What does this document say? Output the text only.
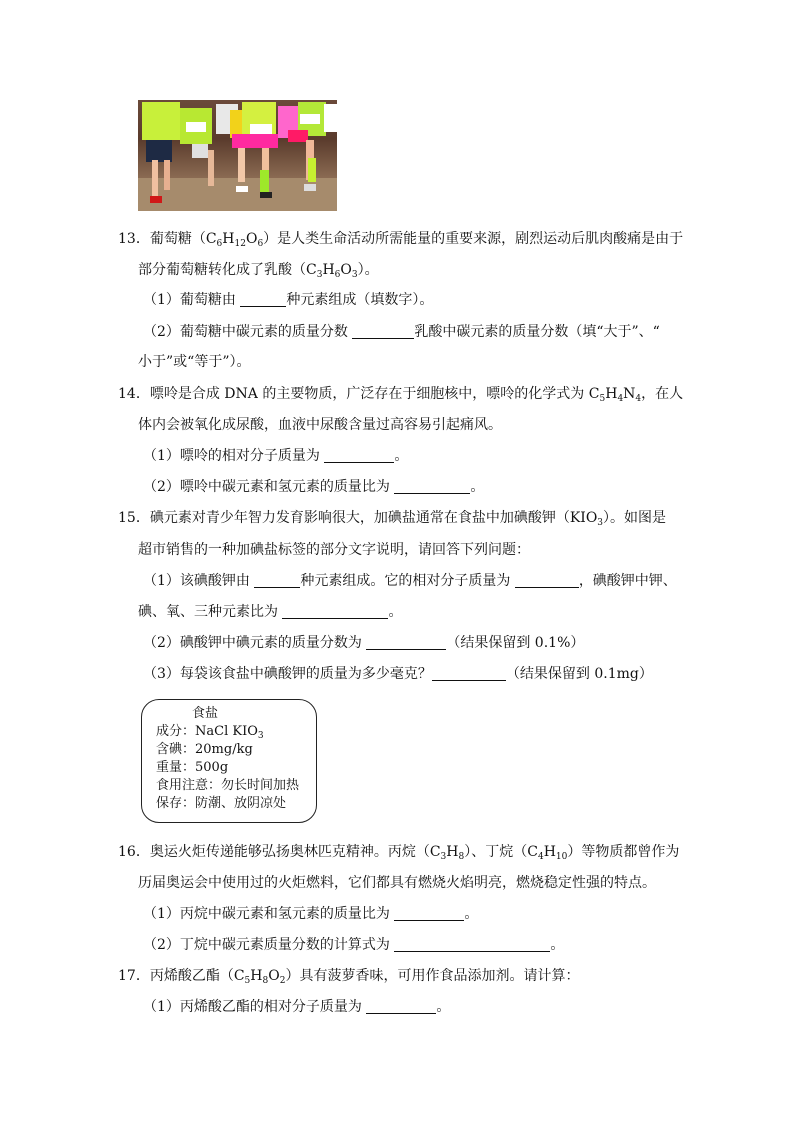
13．葡萄糖$(C_6H_{12}O_6)$是人类生命活动所需能量的重要来源，剧烈运动后肌肉酸痛是由于
部分葡萄糖转化成了乳酸$(C_3H_6O_3)$。
（1）葡萄糖由	种元素组成（填数字）。
（2）葡萄糖中碳元素的质量分数	乳酸中碳元素的质量分数（填“大于”、“
小于”或“等于”）。
14．嘌呤是合成 DNA 的主要物质，广泛存在于细胞核中，嘌呤的化学式为 $C_5H_4N_4$，在人
体内会被氧化成尿酸，血液中尿酸含量过高容易引起痛风。
（1）嘌呤的相对分子质量为	。
（2）嘌呤中碳元素和氢元素的质量比为	。
15．碘元素对青少年智力发育影响很大，加碘盐通常在食盐中加碘酸钾$(KIO_3)$。如图是
超市销售的一种加碘盐标签的部分文字说明，请回答下列问题：
（1）该碘酸钾由	种元素组成。它的相对分子质量为	，碘酸钾中钾、
碘、氧、三种元素比为	。
（2）碘酸钾中碘元素的质量分数为	（结果保留到 0.1%）
（3）每袋该食盐中碘酸钾的质量为多少毫克？	（结果保留到 0.1mg）
食盐
成分：NaCl $KIO_3$
含碘：20mg/kg
重量：500g
食用注意：勿长时间加热
保存：防潮、放阴凉处
16．奥运火炬传递能够弘扬奥林匹克精神。丙烷$(C_3H_8)$、丁烷$(C_4H_{10})$等物质都曾作为
历届奥运会中使用过的火炬燃料，它们都具有燃烧火焰明亮，燃烧稳定性强的特点。
（1）丙烷中碳元素和氢元素的质量比为	。
（2）丁烷中碳元素质量分数的计算式为	。
17．丙烯酸乙酯$(C_5H_8O_2)$具有菠萝香味，可用作食品添加剂。请计算：
（1）丙烯酸乙酯的相对分子质量为	。
